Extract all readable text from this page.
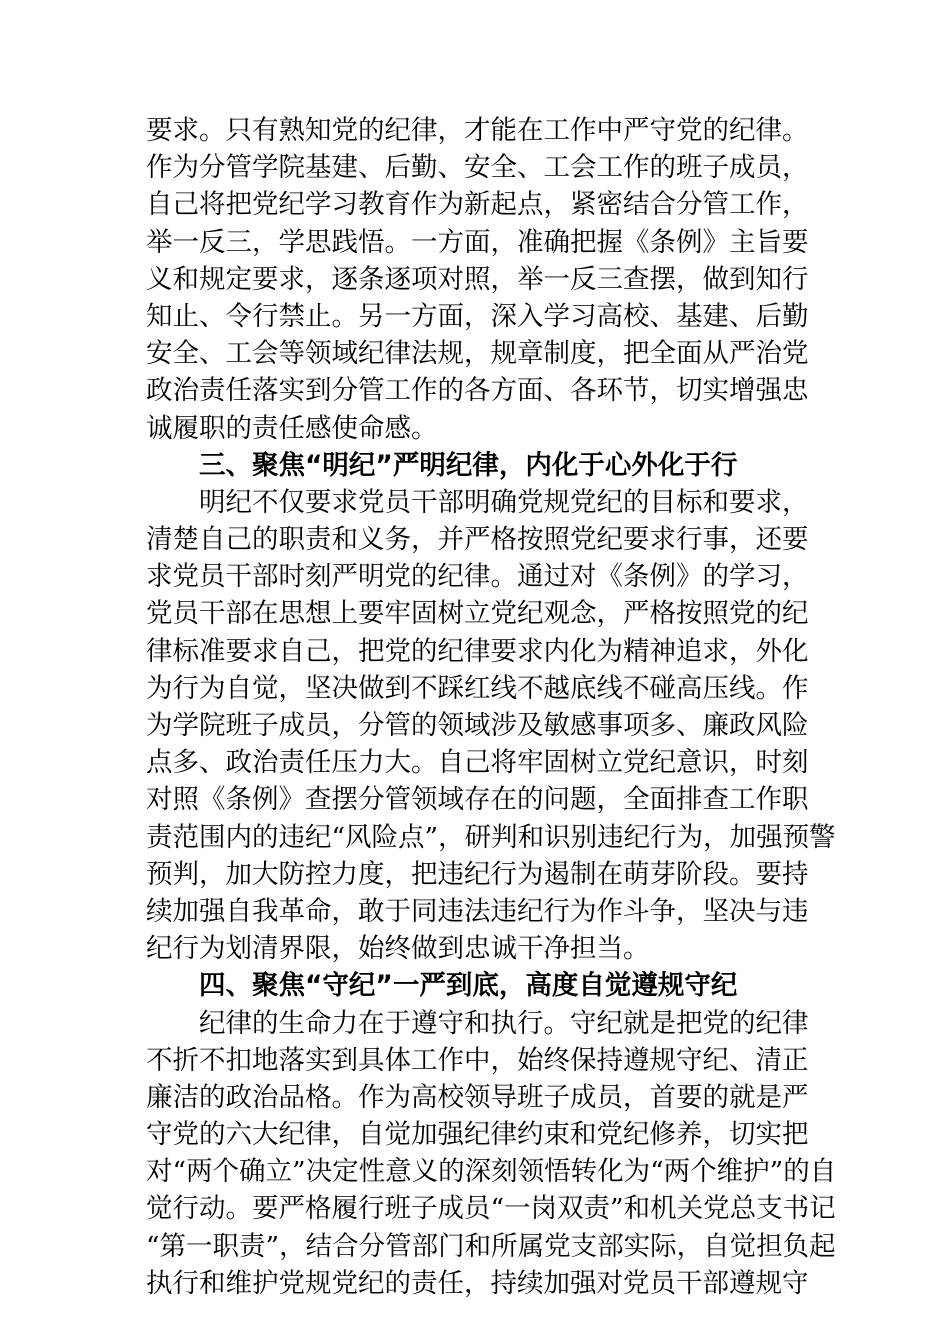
要求。只有熟知党的纪律，才能在工作中严守党的纪律。
作为分管学院基建、后勤、安全、工会工作的班子成员，
自己将把党纪学习教育作为新起点，紧密结合分管工作，
举一反三，学思践悟。一方面，准确把握《条例》主旨要
义和规定要求，逐条逐项对照，举一反三查摆，做到知行
知止、令行禁止。另一方面，深入学习高校、基建、后勤
安全、工会等领域纪律法规，规章制度，把全面从严治党
政治责任落实到分管工作的各方面、各环节，切实增强忠
诚履职的责任感使命感。
三、聚焦“明纪”严明纪律，内化于心外化于行
明纪不仅要求党员干部明确党规党纪的目标和要求，
清楚自己的职责和义务，并严格按照党纪要求行事，还要
求党员干部时刻严明党的纪律。通过对《条例》的学习，
党员干部在思想上要牢固树立党纪观念，严格按照党的纪
律标准要求自己，把党的纪律要求内化为精神追求，外化
为行为自觉，坚决做到不踩红线不越底线不碰高压线。作
为学院班子成员，分管的领域涉及敏感事项多、廉政风险
点多、政治责任压力大。自己将牢固树立党纪意识，时刻
对照《条例》查摆分管领域存在的问题，全面排查工作职
责范围内的违纪“风险点”，研判和识别违纪行为，加强预警
预判，加大防控力度，把违纪行为遏制在萌芽阶段。要持
续加强自我革命，敢于同违法违纪行为作斗争，坚决与违
纪行为划清界限，始终做到忠诚干净担当。
四、聚焦“守纪”一严到底，高度自觉遵规守纪
纪律的生命力在于遵守和执行。守纪就是把党的纪律
不折不扣地落实到具体工作中，始终保持遵规守纪、清正
廉洁的政治品格。作为高校领导班子成员，首要的就是严
守党的六大纪律，自觉加强纪律约束和党纪修养，切实把
对“两个确立”决定性意义的深刻领悟转化为“两个维护”的自
觉行动。要严格履行班子成员“一岗双责”和机关党总支书记
“第一职责”，结合分管部门和所属党支部实际，自觉担负起
执行和维护党规党纪的责任，持续加强对党员干部遵规守
